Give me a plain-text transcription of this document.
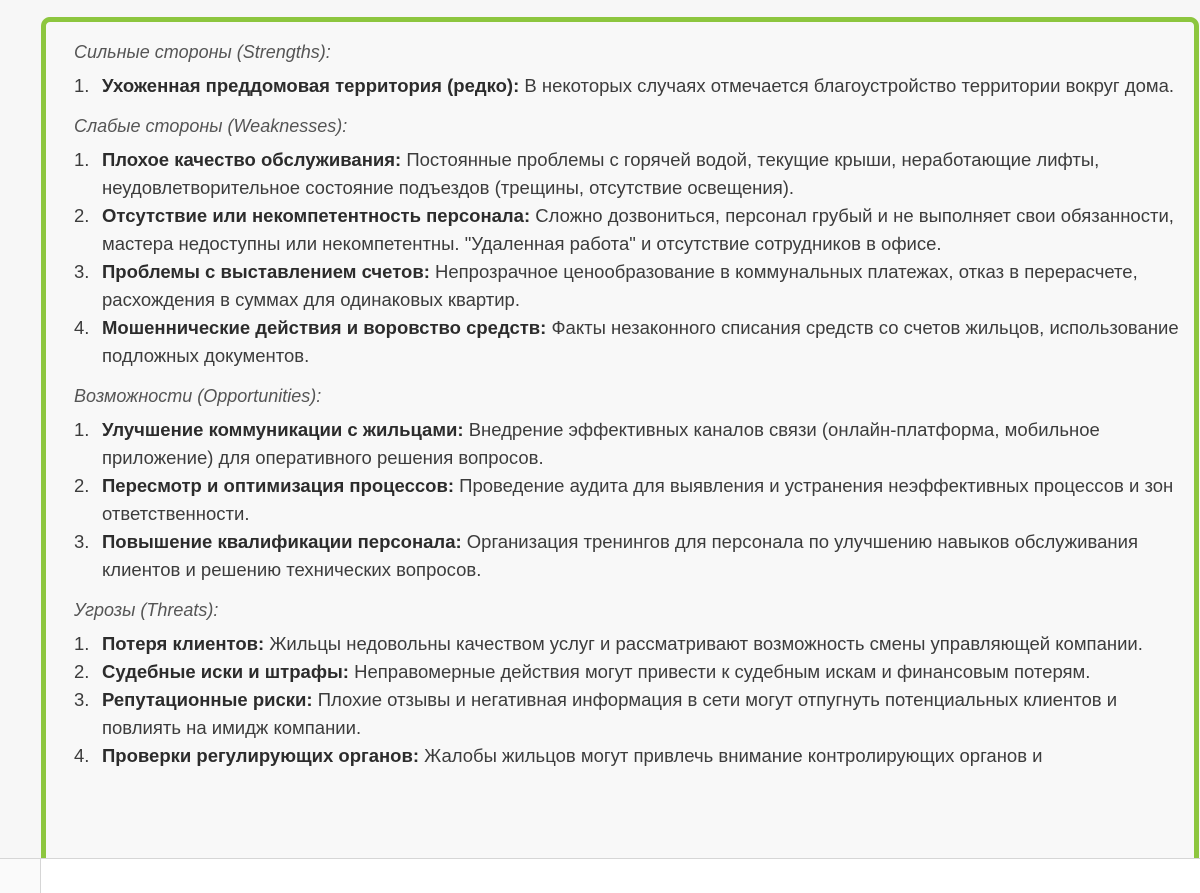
Сильные стороны (Strengths):
1. Ухоженная преддомовая территория (редко): В некоторых случаях отмечается благоустройство территории вокруг дома.
Слабые стороны (Weaknesses):
1. Плохое качество обслуживания: Постоянные проблемы с горячей водой, текущие крыши, неработающие лифты, неудовлетворительное состояние подъездов (трещины, отсутствие освещения).
2. Отсутствие или некомпетентность персонала: Сложно дозвониться, персонал грубый и не выполняет свои обязанности, мастера недоступны или некомпетентны. "Удаленная работа" и отсутствие сотрудников в офисе.
3. Проблемы с выставлением счетов: Непрозрачное ценообразование в коммунальных платежах, отказ в перерасчете, расхождения в суммах для одинаковых квартир.
4. Мошеннические действия и воровство средств: Факты незаконного списания средств со счетов жильцов, использование подложных документов.
Возможности (Opportunities):
1. Улучшение коммуникации с жильцами: Внедрение эффективных каналов связи (онлайн-платформа, мобильное приложение) для оперативного решения вопросов.
2. Пересмотр и оптимизация процессов: Проведение аудита для выявления и устранения неэффективных процессов и зон ответственности.
3. Повышение квалификации персонала: Организация тренингов для персонала по улучшению навыков обслуживания клиентов и решению технических вопросов.
Угрозы (Threats):
1. Потеря клиентов: Жильцы недовольны качеством услуг и рассматривают возможность смены управляющей компании.
2. Судебные иски и штрафы: Неправомерные действия могут привести к судебным искам и финансовым потерям.
3. Репутационные риски: Плохие отзывы и негативная информация в сети могут отпугнуть потенциальных клиентов и повлиять на имидж компании.
4. Проверки регулирующих органов: Жалобы жильцов могут привлечь внимание контролирующих органов и
